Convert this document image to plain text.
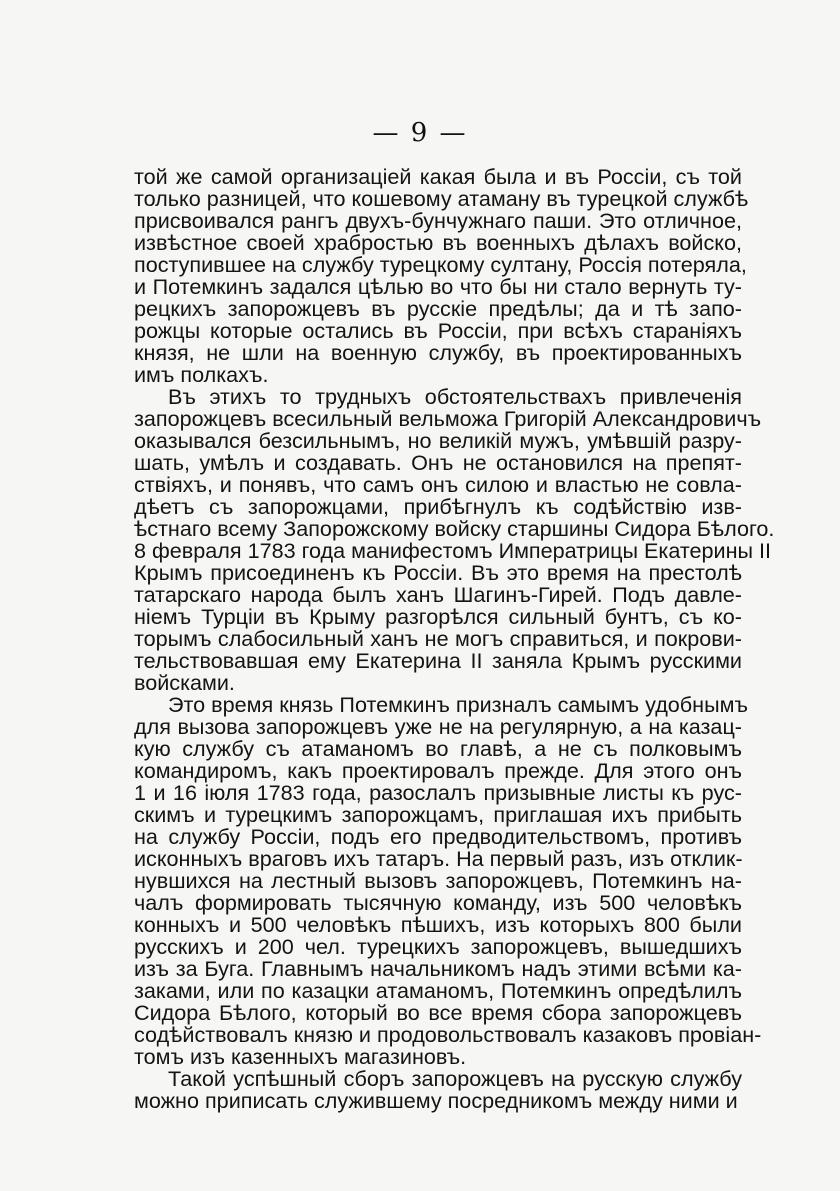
— 9 —
той же самой организацiей какая была и въ Россiи, съ той
только разницей, что кошевому атаману въ турецкой службѣ
присвоивался рангъ двухъ-бунчужнаго паши. Это отличное,
извѣстное своей храбростью въ военныхъ дѣлахъ войско,
поступившее на службу турецкому султану, Россiя потеряла,
и Потемкинъ задался цѣлью во что бы ни стало вернуть ту-
рецкихъ запорожцевъ въ русскiе предѣлы; да и тѣ запо-
рожцы которые остались въ Россiи, при всѣхъ старанiяхъ
князя, не шли на военную службу, въ проектированныхъ
имъ полкахъ.
Въ этихъ то трудныхъ обстоятельствахъ привлеченiя
запорожцевъ всесильный вельможа Григорiй Александровичъ
оказывался безсильнымъ, но великiй мужъ, умѣвшiй разру-
шать, умѣлъ и создавать. Онъ не остановился на препят-
ствiяхъ, и понявъ, что самъ онъ силою и властью не совла-
дѣетъ съ запорожцами, прибѣгнулъ къ содѣйствiю изв-
ѣстнаго всему Запорожскому войску старшины Сидора Бѣлого.
8 февраля 1783 года манифестомъ Императрицы Екатерины II
Крымъ присоединенъ къ Россiи. Въ это время на престолѣ
татарскаго народа былъ ханъ Шагинъ-Гирей. Подъ давле-
нiемъ Турцiи въ Крыму разгорѣлся сильный бунтъ, съ ко-
торымъ слабосильный ханъ не могъ справиться, и покрови-
тельствовавшая ему Екатерина II заняла Крымъ русскими
войсками.
Это время князь Потемкинъ призналъ самымъ удобнымъ
для вызова запорожцевъ уже не на регулярную, а на казац-
кую службу съ атаманомъ во главѣ, а не съ полковымъ
командиромъ, какъ проектировалъ прежде. Для этого онъ
1 и 16 iюля 1783 года, разослалъ призывные листы къ рус-
скимъ и турецкимъ запорожцамъ, приглашая ихъ прибыть
на службу Россiи, подъ его предводительствомъ, противъ
исконныхъ враговъ ихъ татаръ. На первый разъ, изъ отклик-
нувшихся на лестный вызовъ запорожцевъ, Потемкинъ на-
чалъ формировать тысячную команду, изъ 500 человѣкъ
конныхъ и 500 человѣкъ пѣшихъ, изъ которыхъ 800 были
русскихъ и 200 чел. турецкихъ запорожцевъ, вышедшихъ
изъ за Буга. Главнымъ начальникомъ надъ этими всѣми ка-
заками, или по казацки атаманомъ, Потемкинъ опредѣлилъ
Сидора Бѣлого, который во все время сбора запорожцевъ
содѣйствовалъ князю и продовольствовалъ казаковъ провiан-
томъ изъ казенныхъ магазиновъ.
Такой успѣшный сборъ запорожцевъ на русскую службу
можно приписать служившему посредникомъ между ними и
